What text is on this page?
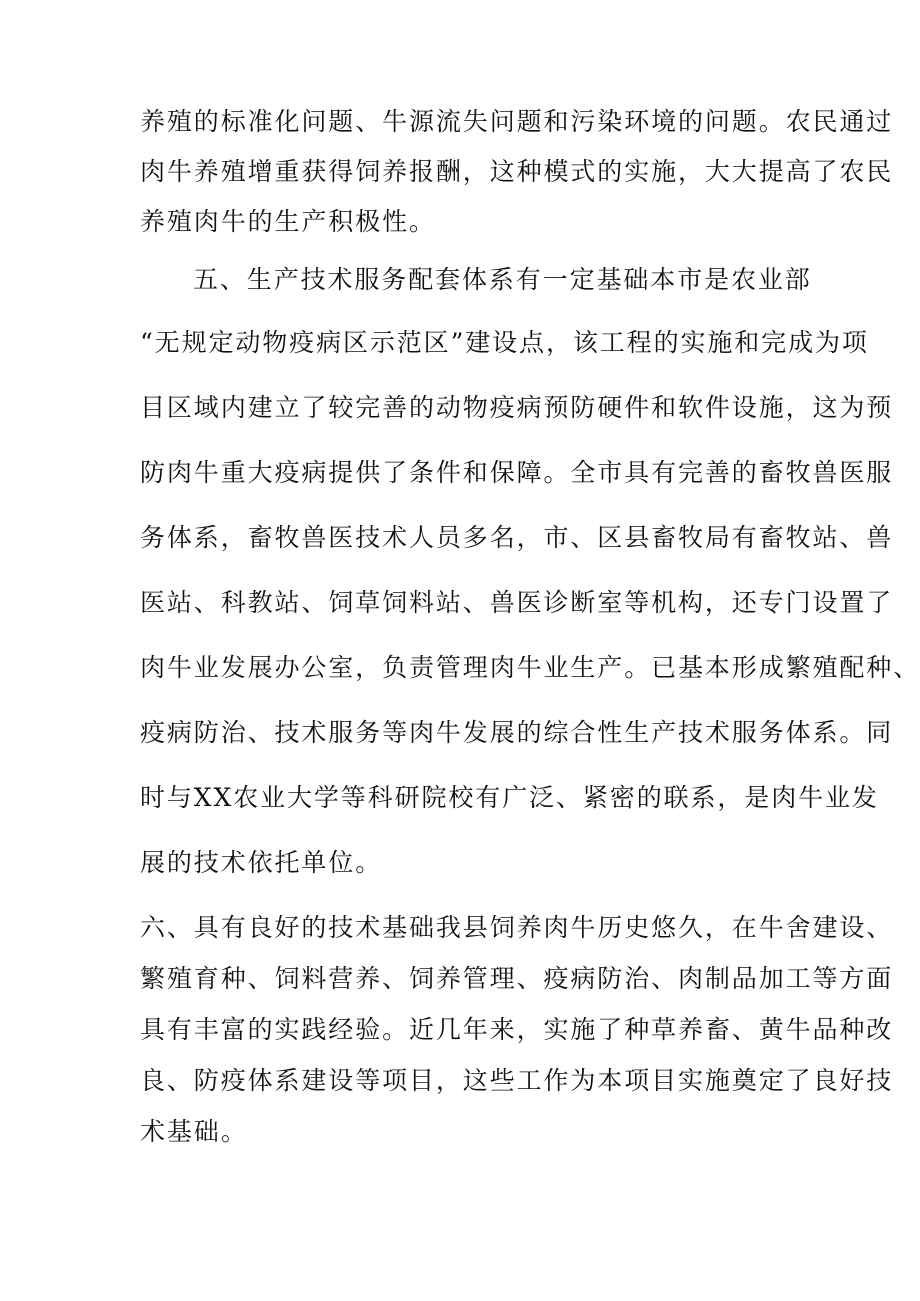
养殖的标准化问题、牛源流失问题和污染环境的问题。农民通过

肉牛养殖增重获得饲养报酬，这种模式的实施，大大提高了农民

养殖肉牛的生产积极性。

五、生产技术服务配套体系有一定基础本市是农业部

“无规定动物疫病区示范区”建设点，该工程的实施和完成为项

目区域内建立了较完善的动物疫病预防硬件和软件设施，这为预

防肉牛重大疫病提供了条件和保障。全市具有完善的畜牧兽医服

务体系，畜牧兽医技术人员多名，市、区县畜牧局有畜牧站、兽

医站、科教站、饲草饲料站、兽医诊断室等机构，还专门设置了

肉牛业发展办公室，负责管理肉牛业生产。已基本形成繁殖配种、

疫病防治、技术服务等肉牛发展的综合性生产技术服务体系。同

时与XX农业大学等科研院校有广泛、紧密的联系，是肉牛业发

展的技术依托单位。

六、具有良好的技术基础我县饲养肉牛历史悠久，在牛舍建设、

繁殖育种、饲料营养、饲养管理、疫病防治、肉制品加工等方面

具有丰富的实践经验。近几年来，实施了种草养畜、黄牛品种改

良、防疫体系建设等项目，这些工作为本项目实施奠定了良好技

术基础。
